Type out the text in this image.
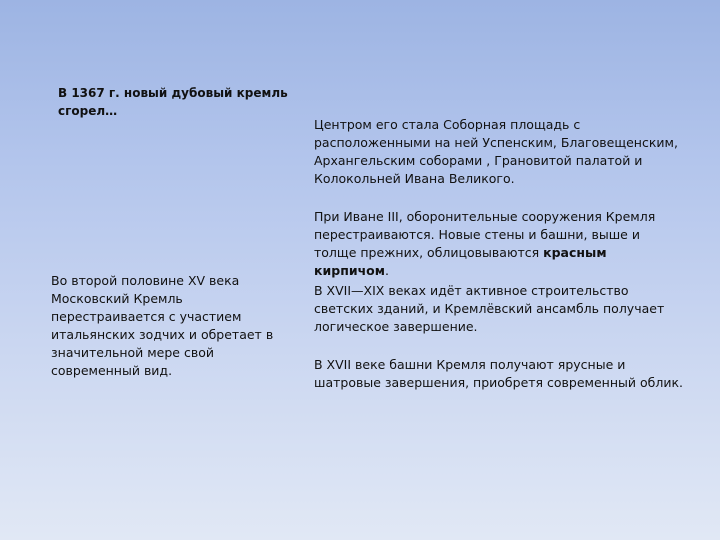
В 1367 г. новый дубовый кремль сгорел…
Во второй половине XV века Московский Кремль перестраивается с участием итальянских зодчих и обретает в значительной мере свой современный вид.
Центром его стала Соборная площадь с расположенными на ней Успенским, Благовещенским, Архангельским соборами , Грановитой палатой и Колокольней Ивана Великого.
При Иване III, оборонительные сооружения Кремля перестраиваются. Новые стены и башни, выше и толще прежних, облицовываются красным кирпичом.
В XVII—XIX веках идёт активное строительство светских зданий, и Кремлёвский ансамбль получает логическое завершение.
В XVII веке башни Кремля получают ярусные и шатровые завершения, приобретя современный облик.
